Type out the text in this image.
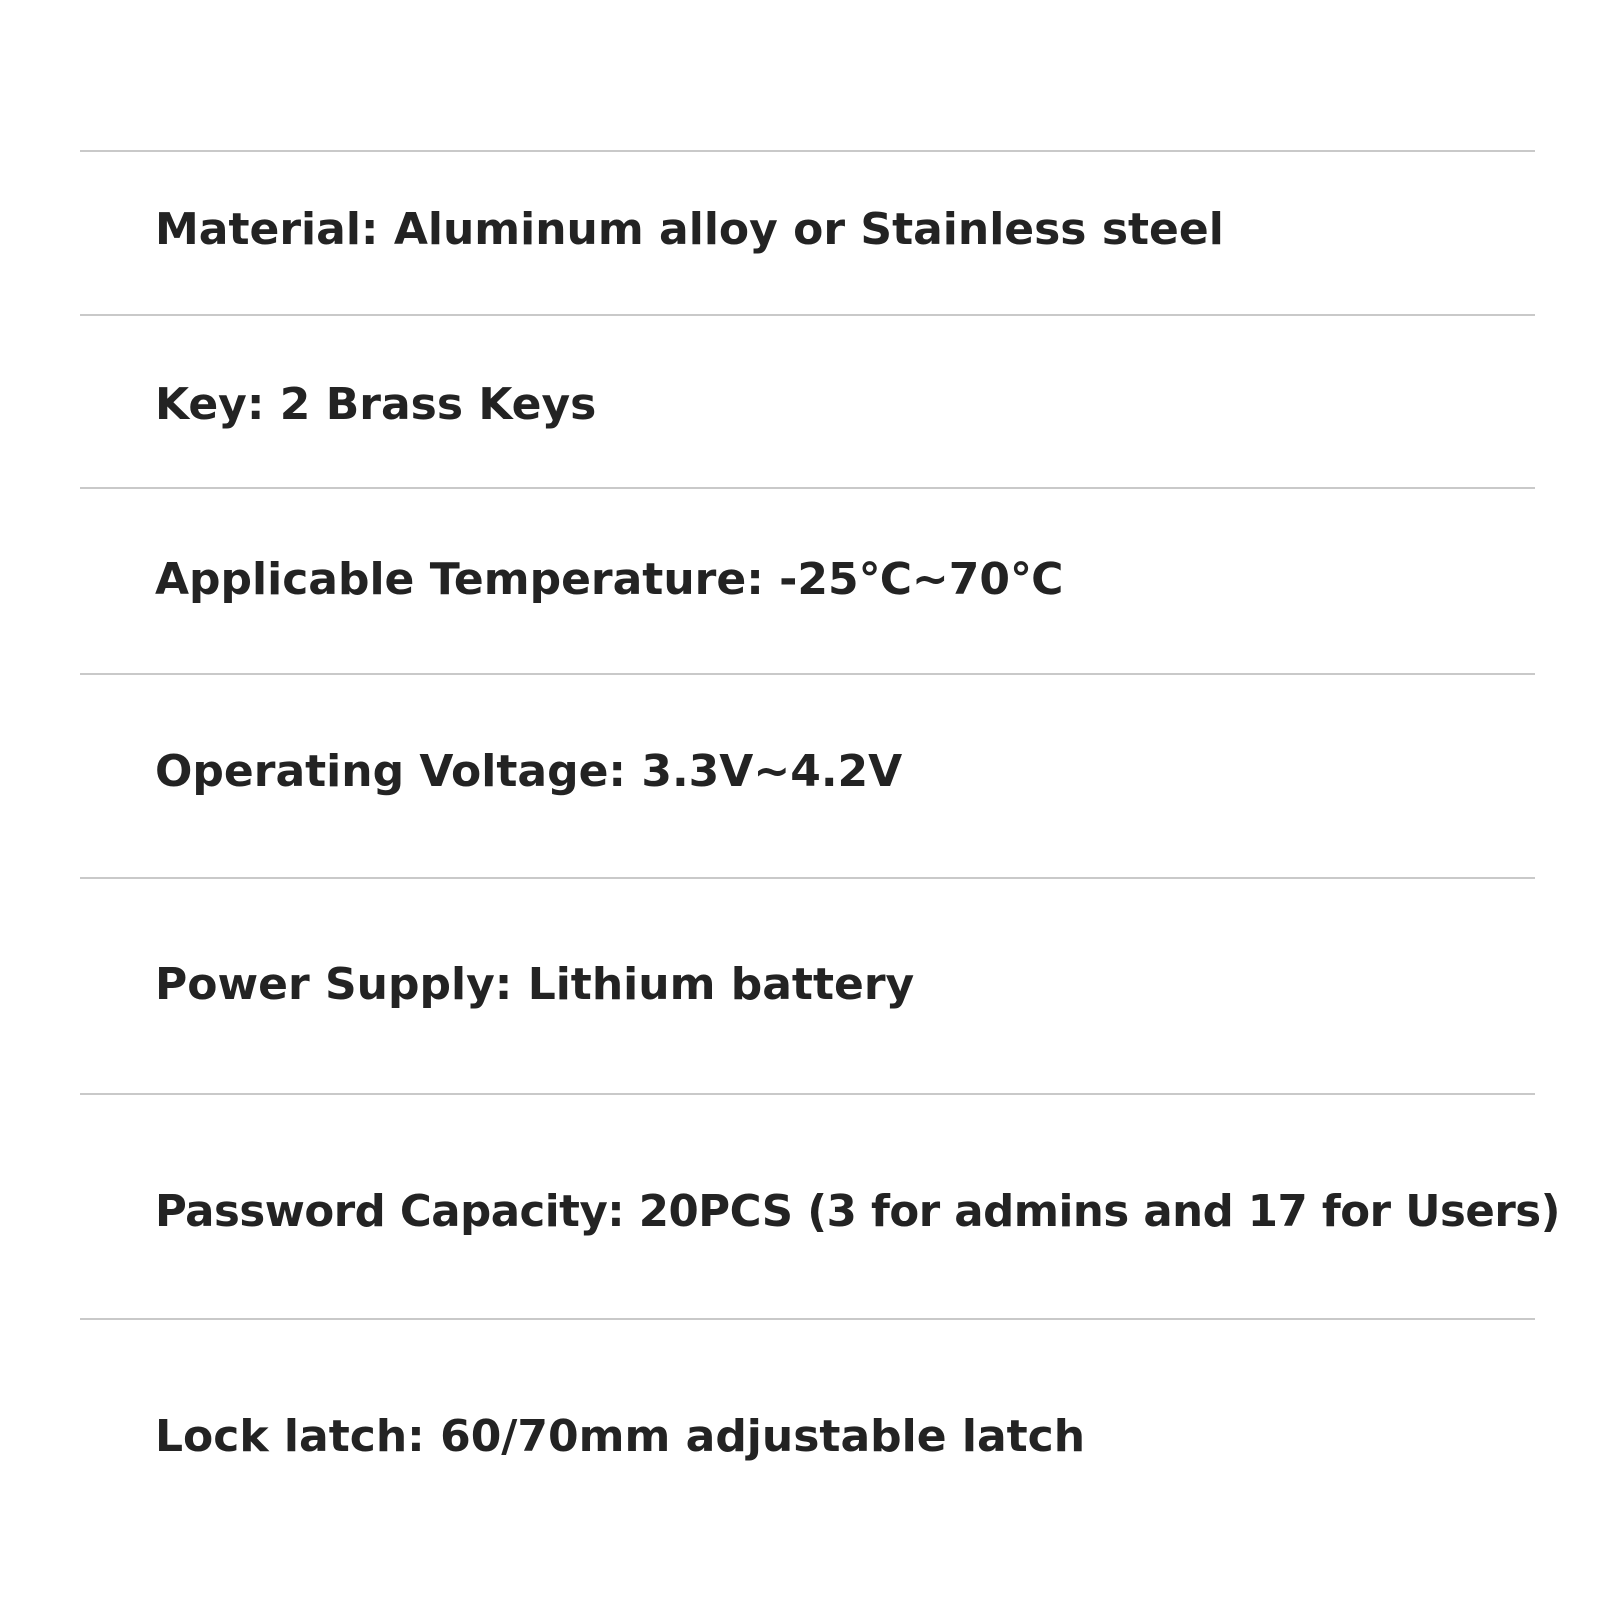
Material: Aluminum alloy or Stainless steel
Key: 2 Brass Keys
Applicable Temperature: -25℃~70℃
Operating Voltage: 3.3V~4.2V
Power Supply: Lithium battery
Password Capacity: 20PCS (3 for admins and 17 for Users)
Lock latch: 60/70mm adjustable latch
